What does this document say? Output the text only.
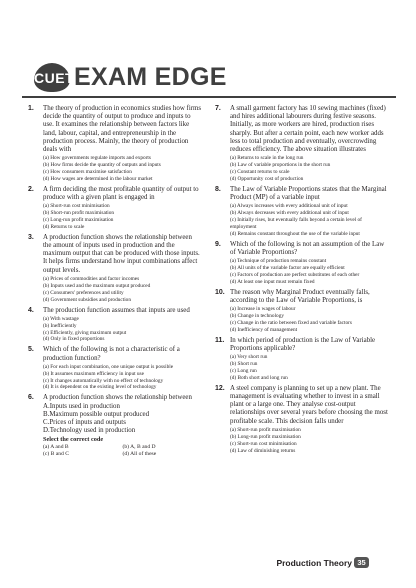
CUET EXAM EDGE
1. The theory of production in economics studies how firms decide the quantity of output to produce and inputs to use. It examines the relationship between factors like land, labour, capital, and entrepreneurship in the production process. Mainly, the theory of production deals with
(a) How governments regulate imports and exports
(b) How firms decide the quantity of outputs and inputs
(c) How consumers maximise satisfaction
(d) How wages are determined in the labour market
2. A firm deciding the most profitable quantity of output to produce with a given plant is engaged in
(a) Short-run cost minimisation
(b) Short-run profit maximisation
(c) Long-run profit maximisation
(d) Returns to scale
3. A production function shows the relationship between the amount of inputs used in production and the maximum output that can be produced with those inputs. It helps firms understand how input combinations affect output levels.
(a) Prices of commodities and factor incomes
(b) Inputs used and the maximum output produced
(c) Consumers' preferences and utility
(d) Government subsidies and production
4. The production function assumes that inputs are used
(a) With wastage
(b) Inefficiently
(c) Efficiently, giving maximum output
(d) Only in fixed proportions
5. Which of the following is not a characteristic of a production function?
(a) For each input combination, one unique output is possible
(b) It assumes maximum efficiency in input use
(c) It changes automatically with no effect of technology
(d) It is dependent on the existing level of technology
6. A production function shows the relationship between
A.Inputs used in production
B.Maximum possible output produced
C.Prices of inputs and outputs
D.Technology used in production
Select the correct code
(a) A and B	(b) A, B and D
(c) B and C	(d) All of these
7. A small garment factory has 10 sewing machines (fixed) and hires additional labourers during festive seasons. Initially, as more workers are hired, production rises sharply. But after a certain point, each new worker adds less to total production and eventually, overcrowding reduces efficiency. The above situation illustrates
(a) Returns to scale in the long run
(b) Law of variable proportions in the short run
(c) Constant returns to scale
(d) Opportunity cost of production
8. The Law of Variable Proportions states that the Marginal Product (MP) of a variable input
(a) Always increases with every additional unit of input
(b) Always decreases with every additional unit of input
(c) Initially rises, but eventually falls beyond a certain level of employment
(d) Remains constant throughout the use of the variable input
9. Which of the following is not an assumption of the Law of Variable Proportions?
(a) Technique of production remains constant
(b) All units of the variable factor are equally efficient
(c) Factors of production are perfect substitutes of each other
(d) At least one input must remain fixed
10. The reason why Marginal Product eventually falls, according to the Law of Variable Proportions, is
(a) Increase in wages of labour
(b) Change in technology
(c) Change in the ratio between fixed and variable factors
(d) Inefficiency of management
11. In which period of production is the Law of Variable Proportions applicable?
(a) Very short run
(b) Short run
(c) Long run
(d) Both short and long run
12. A steel company is planning to set up a new plant. The management is evaluating whether to invest in a small plant or a large one. They analyse cost-output relationships over several years before choosing the most profitable scale. This decision falls under
(a) Short-run profit maximisation
(b) Long-run profit maximisation
(c) Short-run cost minimisation
(d) Law of diminishing returns
Production Theory 35
